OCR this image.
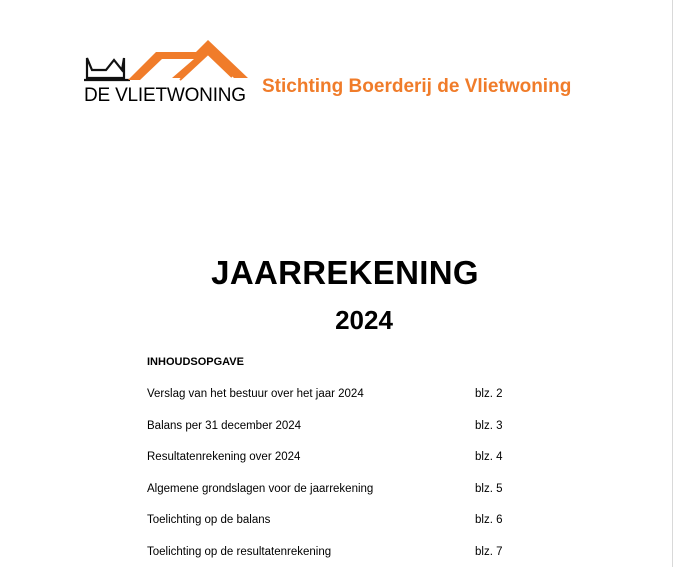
DE VLIETWONING Stichting Boerderij de Vlietwoning
JAARREKENING
2024
INHOUDSOPGAVE
Verslag van het bestuur over het jaar 2024	blz. 2
Balans per 31 december 2024	blz. 3
Resultatenrekening over 2024	blz. 4
Algemene grondslagen voor de jaarrekening	blz. 5
Toelichting op de balans	blz. 6
Toelichting op de resultatenrekening	blz. 7
